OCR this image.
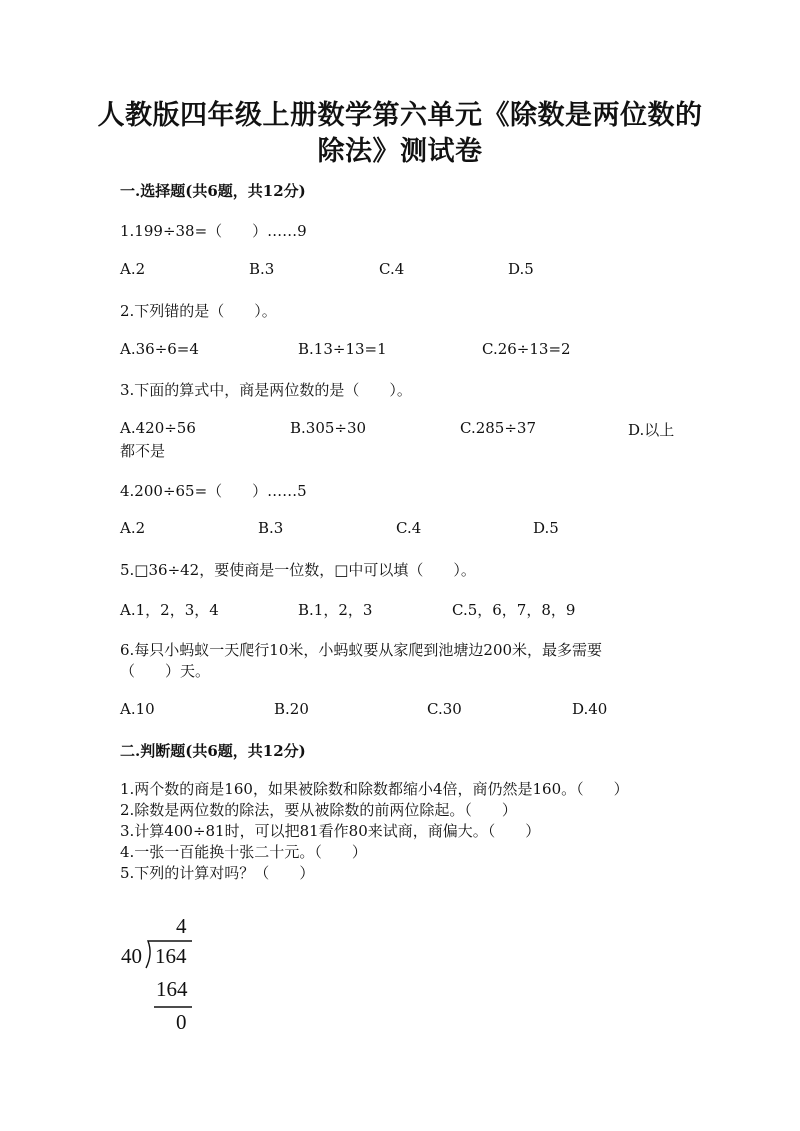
人教版四年级上册数学第六单元《除数是两位数的
除法》测试卷
一.选择题(共6题，共12分)
1.199÷38=（　　）……9
A.2	B.3	C.4	D.5
2.下列错的是（　　）。
A.36÷6=4	B.13÷13=1	C.26÷13=2
3.下面的算式中，商是两位数的是（　　）。
A.420÷56	B.305÷30	C.285÷37	D.以上
都不是
4.200÷65=（　　）……5
A.2	B.3	C.4	D.5
5.□36÷42，要使商是一位数，□中可以填（　　）。
A.1，2，3，4	B.1，2，3	C.5，6，7，8，9
6.每只小蚂蚁一天爬行10米，小蚂蚁要从家爬到池塘边200米，最多需要
（　　）天。
A.10	B.20	C.30	D.40
二.判断题(共6题，共12分)
1.两个数的商是160，如果被除数和除数都缩小4倍，商仍然是160。（　　）
2.除数是两位数的除法，要从被除数的前两位除起。（　　）
3.计算400÷81时，可以把81看作80来试商，商偏大。（　　）
4.一张一百能换十张二十元。（　　）
5.下列的计算对吗？（　　）
4
40 164
164
0
